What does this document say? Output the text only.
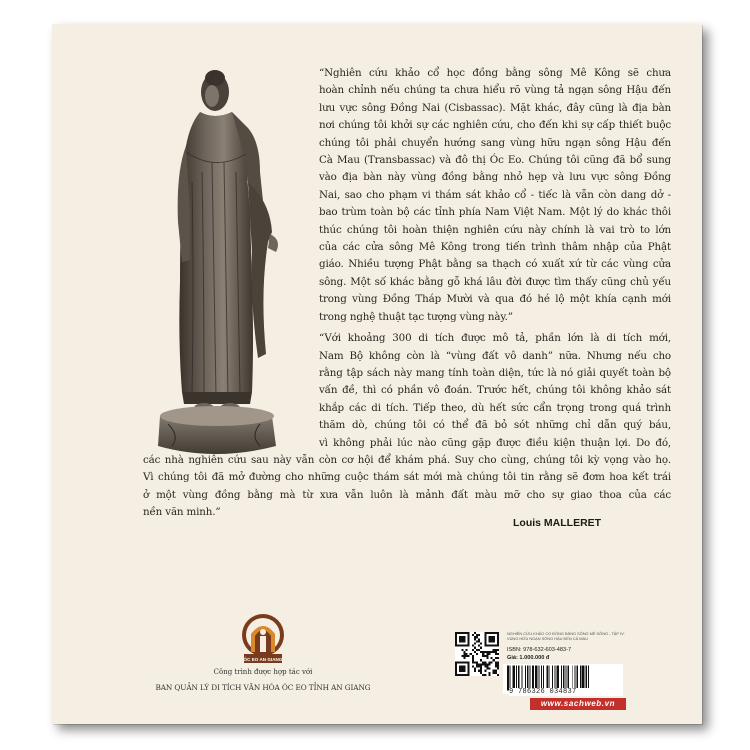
“Nghiên cứu khảo cổ học đồng bằng sông Mê Kông sẽ chưa
hoàn chỉnh nếu chúng ta chưa hiểu rõ vùng tả ngạn sông Hậu đến
lưu vực sông Đồng Nai (Cisbassac). Mặt khác, đây cũng là địa bàn
nơi chúng tôi khởi sự các nghiên cứu, cho đến khi sự cấp thiết buộc
chúng tôi phải chuyển hướng sang vùng hữu ngạn sông Hậu đến
Cà Mau (Transbassac) và đô thị Óc Eo. Chúng tôi cũng đã bổ sung
vào địa bàn này vùng đồng bằng nhỏ hẹp và lưu vực sông Đồng
Nai, sao cho phạm vi thám sát khảo cổ - tiếc là vẫn còn dang dở -
bao trùm toàn bộ các tỉnh phía Nam Việt Nam. Một lý do khác thôi
thúc chúng tôi hoàn thiện nghiên cứu này chính là vai trò to lớn
của các cửa sông Mê Kông trong tiến trình thâm nhập của Phật
giáo. Nhiều tượng Phật bằng sa thạch có xuất xứ từ các vùng cửa
sông. Một số khác bằng gỗ khá lâu đời được tìm thấy cũng chủ yếu
trong vùng Đồng Tháp Mười và qua đó hé lộ một khía cạnh mới
trong nghệ thuật tạc tượng vùng này.”
“Với khoảng 300 di tích được mô tả, phần lớn là di tích mới,
Nam Bộ không còn là “vùng đất vô danh” nữa. Nhưng nếu cho
rằng tập sách này mang tính toàn diện, tức là nó giải quyết toàn bộ
vấn đề, thì có phần vô đoán. Trước hết, chúng tôi không khảo sát
khắp các di tích. Tiếp theo, dù hết sức cẩn trọng trong quá trình
thăm dò, chúng tôi có thể đã bỏ sót những chỉ dẫn quý báu,
vì không phải lúc nào cũng gặp được điều kiện thuận lợi. Do đó,
các nhà nghiên cứu sau này vẫn còn cơ hội để khám phá. Suy cho cùng, chúng tôi kỳ vọng vào họ.
Vì chúng tôi đã mở đường cho những cuộc thám sát mới mà chúng tôi tin rằng sẽ đơm hoa kết trái
ở một vùng đồng bằng mà từ xưa vẫn luôn là mảnh đất màu mỡ cho sự giao thoa của các
nền văn minh.”
Louis MALLERET
ÓC EO AN GIANG
Công trình được hợp tác với
BAN QUẢN LÝ DI TÍCH VĂN HÓA ÓC EO TỈNH AN GIANG
NGHIÊN CỨU KHẢO CỔ ĐỒNG BẰNG SÔNG MÊ KÔNG - TẬP IV: VÙNG HỮU NGẠN SÔNG HẬU ĐẾN CÀ MAU
ISBN: 978-632-603-483-7
Giá: 1.000.000 đ
9 786326 034837
www.sachweb.vn
